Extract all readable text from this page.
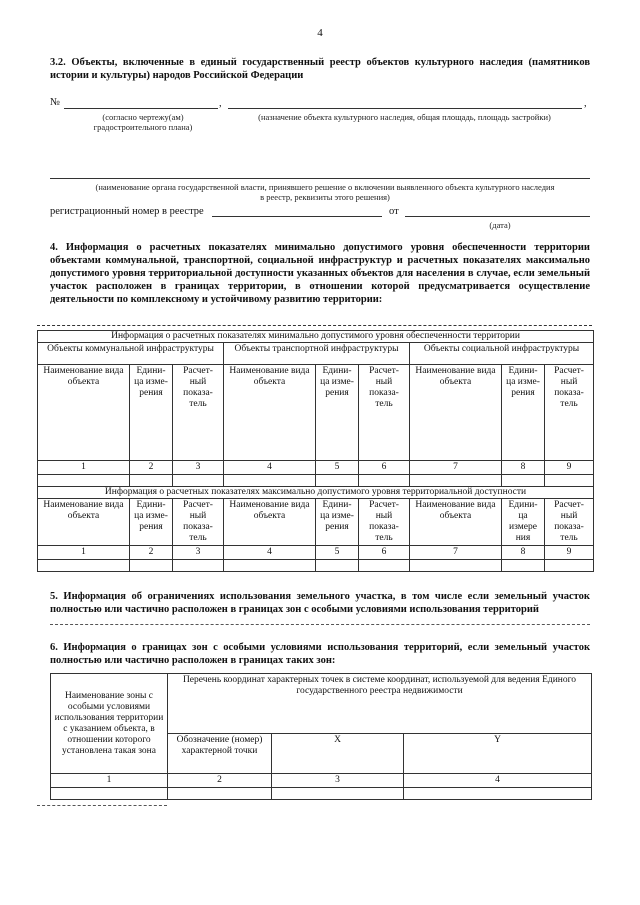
4
3.2. Объекты, включенные в единый государственный реестр объектов культурного наследия (памятников истории и культуры) народов Российской Федерации
№	,	,
(согласно чертежу(ам) градостроительного плана)
(назначение объекта культурного наследия, общая площадь, площадь застройки)
(наименование органа государственной власти, принявшего решение о включении выявленного объекта культурного наследия в реестр, реквизиты этого решения)
регистрационный номер в реестре	от
(дата)
4. Информация о расчетных показателях минимально допустимого уровня обеспеченности территории объектами коммунальной, транспортной, социальной инфраструктур и расчетных показателях максимально допустимого уровня территориальной доступности указанных объектов для населения в случае, если земельный участок расположен в границах территории, в отношении которой предусматривается осуществление деятельности по комплексному и устойчивому развитию территории:
Информация о расчетных показателях минимально допустимого уровня обеспеченности территории								
Объекты коммунальной инфраструктуры			Объекты транспортной инфраструктуры			Объекты социальной инфраструктуры		
Наименование вида объекта	Едини-ца изме-рения	Расчет-ный показа-тель	Наименование вида объекта	Едини-ца изме-рения	Расчет-ный показа-тель	Наименование вида объекта	Едини-ца изме-рения	Расчет-ный показа-тель
1	2	3	4	5	6	7	8	9

Информация о расчетных показателях максимально допустимого уровня территориальной доступности								
Наименование вида объекта	Едини-ца изме-рения	Расчет-ный показа-тель	Наименование вида объекта	Едини-ца изме-рения	Расчет-ный показа-тель	Наименование вида объекта	Едини-ца измере ния	Расчет-ный показа-тель
1	2	3	4	5	6	7	8	9

5. Информация об ограничениях использования земельного участка, в том числе если земельный участок полностью или частично расположен в границах зон с особыми условиями использования территорий
6. Информация о границах зон с особыми условиями использования территорий, если земельный участок полностью или частично расположен в границах таких зон:
Наименование зоны с особыми условиями использования территории с указанием объекта, в отношении которого установлена такая зона	Перечень координат характерных точек в системе координат, используемой для ведения Единого государственного реестра недвижимости		
	Обозначение (номер) характерной точки	X	Y
1	2	3	4
